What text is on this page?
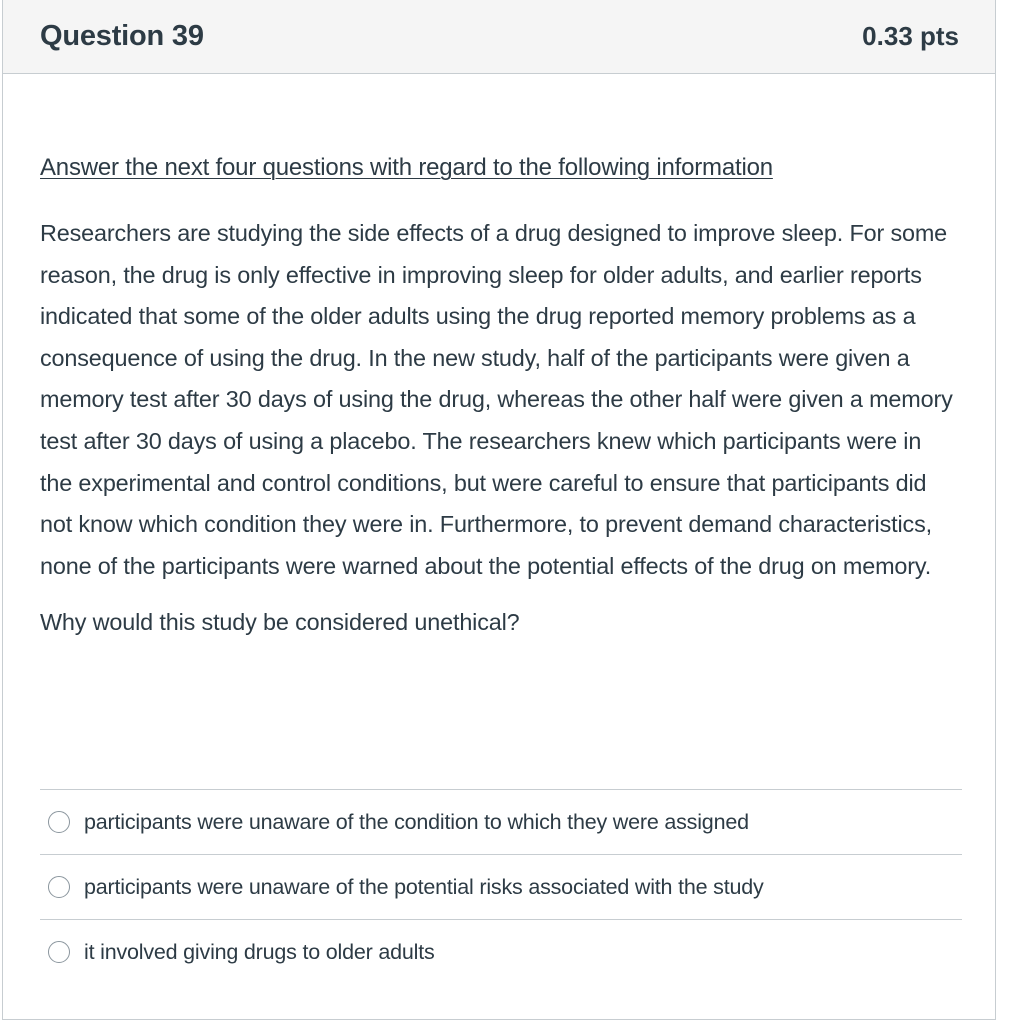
Question 39	0.33 pts

Answer the next four questions with regard to the following information

Researchers are studying the side effects of a drug designed to improve sleep. For some reason, the drug is only effective in improving sleep for older adults, and earlier reports indicated that some of the older adults using the drug reported memory problems as a consequence of using the drug. In the new study, half of the participants were given a memory test after 30 days of using the drug, whereas the other half were given a memory test after 30 days of using a placebo. The researchers knew which participants were in the experimental and control conditions, but were careful to ensure that participants did not know which condition they were in. Furthermore, to prevent demand characteristics, none of the participants were warned about the potential effects of the drug on memory.

Why would this study be considered unethical?

participants were unaware of the condition to which they were assigned
participants were unaware of the potential risks associated with the study
it involved giving drugs to older adults
